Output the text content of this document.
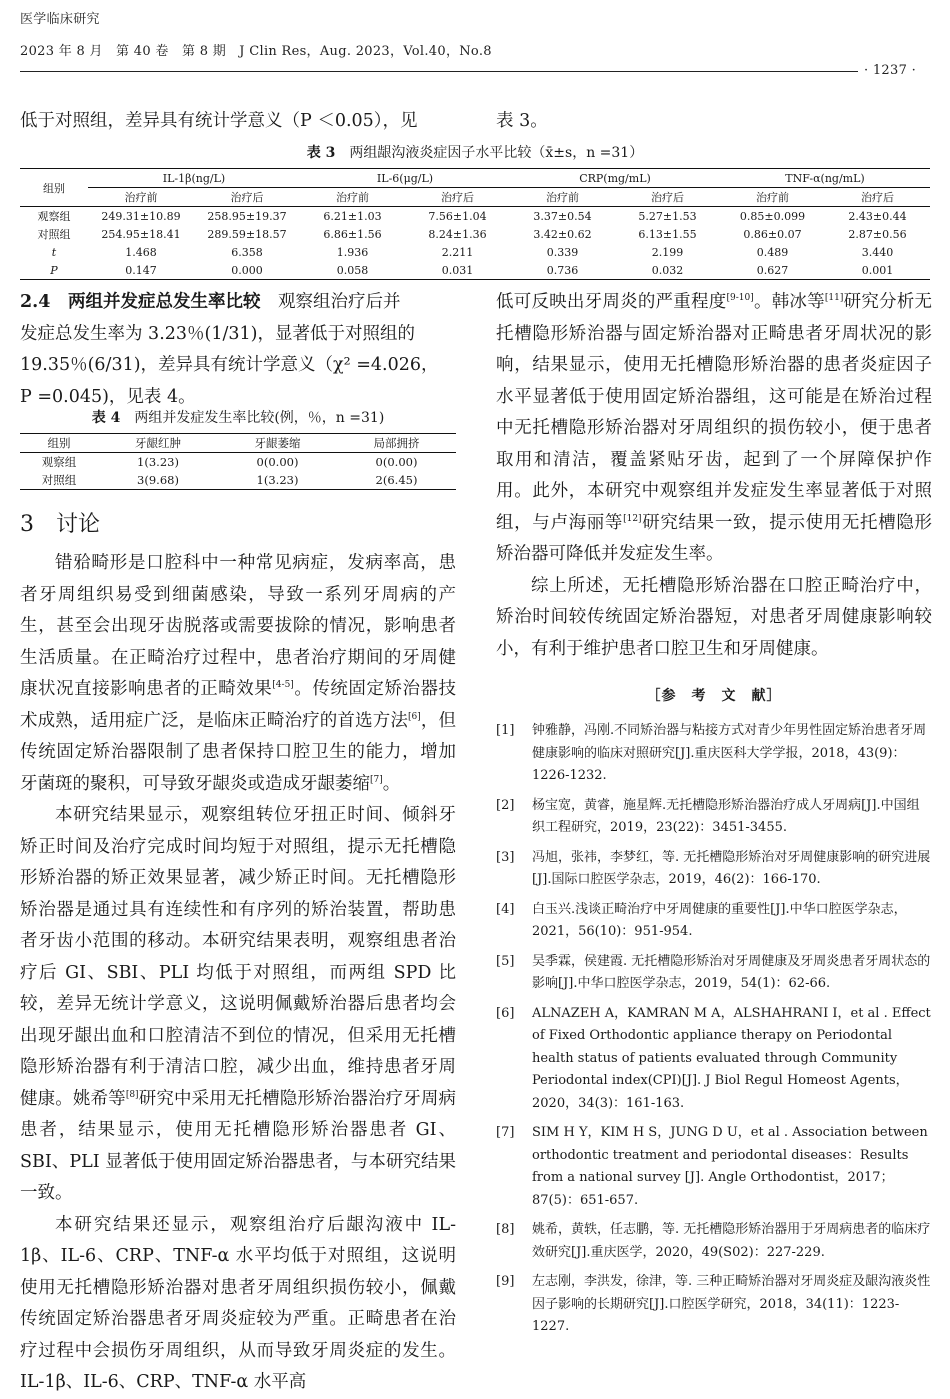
医学临床研究
2023 年 8 月　第 40 卷　第 8 期　J Clin Res，Aug. 2023，Vol.40，No.8
· 1237 ·
低于对照组，差异具有统计学意义（P ＜0.05），见	表 3。
表 3　 两组龈沟液炎症因子水平比较（x̄±s，n =31）
组别	IL-1β(ng/L)		IL-6(μg/L)		CRP(mg/mL)		TNF-α(ng/mL)	
	治疗前	治疗后	治疗前	治疗后	治疗前	治疗后	治疗前	治疗后
观察组	249.31±10.89	258.95±19.37	6.21±1.03	7.56±1.04	3.37±0.54	5.27±1.53	0.85±0.099	2.43±0.44
对照组	254.95±18.41	289.59±18.57	6.86±1.56	8.24±1.36	3.42±0.62	6.13±1.55	0.86±0.07	2.87±0.56
t	1.468	6.358	1.936	2.211	0.339	2.199	0.489	3.440
P	0.147	0.000	0.058	0.031	0.736	0.032	0.627	0.001

2.4　两组并发症总发生率比较　 观察组治疗后并

发症总发生率为 3.23％(1/31)，显著低于对照组的

19.35％(6/31)，差异具有统计学意义（χ² =4.026，

P =0.045)，见表 4。

表 4　 两组并发症发生率比较(例，％，n =31)
组别	牙龈红肿	牙龈萎缩	局部拥挤
观察组	1(3.23)	0(0.00)	0(0.00)
对照组	3(9.68)	1(3.23)	2(6.45)
3　讨论

错𬌗畸形是口腔科中一种常见病症，发病率高，患者牙周组织易受到细菌感染，导致一系列牙周病的产生，甚至会出现牙齿脱落或需要拔除的情况，影响患者生活质量。在正畸治疗过程中，患者治疗期间的牙周健康状况直接影响患者的正畸效果[4-5]。传统固定矫治器技术成熟，适用症广泛，是临床正畸治疗的首选方法[6]，但传统固定矫治器限制了患者保持口腔卫生的能力，增加牙菌斑的聚积，可导致牙龈炎或造成牙龈萎缩[7]。

本研究结果显示，观察组转位牙扭正时间、倾斜牙矫正时间及治疗完成时间均短于对照组，提示无托槽隐形矫治器的矫正效果显著，减少矫正时间。无托槽隐形矫治器是通过具有连续性和有序列的矫治装置，帮助患者牙齿小范围的移动。本研究结果表明，观察组患者治疗后 GI、SBI、PLI 均低于对照组，而两组 SPD 比较，差异无统计学意义，这说明佩戴矫治器后患者均会出现牙龈出血和口腔清洁不到位的情况，但采用无托槽隐形矫治器有利于清洁口腔，减少出血，维持患者牙周健康。姚希等[8]研究中采用无托槽隐形矫治器治疗牙周病患者，结果显示，使用无托槽隐形矫治器患者 GI、SBI、PLI 显著低于使用固定矫治器患者，与本研究结果一致。

本研究结果还显示，观察组治疗后龈沟液中 IL-1β、IL-6、CRP、TNF-α 水平均低于对照组，这说明使用无托槽隐形矫治器对患者牙周组织损伤较小，佩戴传统固定矫治器患者牙周炎症较为严重。正畸患者在治疗过程中会损伤牙周组织，从而导致牙周炎症的发生。IL-1β、IL-6、CRP、TNF-α 水平高

低可反映出牙周炎的严重程度[9-10]。韩冰等[11]研究分析无托槽隐形矫治器与固定矫治器对正畸患者牙周状况的影响，结果显示，使用无托槽隐形矫治器的患者炎症因子水平显著低于使用固定矫治器组，这可能是在矫治过程中无托槽隐形矫治器对牙周组织的损伤较小，便于患者取用和清洁，覆盖紧贴牙齿，起到了一个屏障保护作用。此外，本研究中观察组并发症发生率显著低于对照组，与卢海丽等[12]研究结果一致，提示使用无托槽隐形矫治器可降低并发症发生率。

综上所述，无托槽隐形矫治器在口腔正畸治疗中，矫治时间较传统固定矫治器短，对患者牙周健康影响较小，有利于维护患者口腔卫生和牙周健康。

［参　考　文　献］
[1] 钟雅静，冯刚.不同矫治器与粘接方式对青少年男性固定矫治患者牙周健康影响的临床对照研究[J].重庆医科大学学报，2018，43(9)：1226-1232.
[2] 杨宝宽，黄睿，施星辉.无托槽隐形矫治器治疗成人牙周病[J].中国组织工程研究，2019，23(22)：3451-3455.
[3] 冯旭，张祎，李梦红，等. 无托槽隐形矫治对牙周健康影响的研究进展[J].国际口腔医学杂志，2019，46(2)：166-170.
[4] 白玉兴.浅谈正畸治疗中牙周健康的重要性[J].中华口腔医学杂志，2021，56(10)：951-954.
[5] 吴季霖，侯建霞. 无托槽隐形矫治对牙周健康及牙周炎患者牙周状态的影响[J].中华口腔医学杂志，2019，54(1)：62-66.
[6] ALNAZEH A，KAMRAN M A，ALSHAHRANI I，et al . Effect of Fixed Orthodontic appliance therapy on Periodontal health status of patients evaluated through Community Periodontal index(CPI)[J]. J Biol Regul Homeost Agents，2020，34(3)：161-163.
[7] SIM H Y，KIM H S，JUNG D U，et al . Association between orthodontic treatment and periodontal diseases：Results from a national survey [J]. Angle Orthodontist，2017；87(5)：651-657.
[8] 姚希，黄轶，任志鹏，等. 无托槽隐形矫治器用于牙周病患者的临床疗效研究[J].重庆医学，2020，49(S02)：227-229.
[9] 左志刚，李洪发，徐津，等. 三种正畸矫治器对牙周炎症及龈沟液炎性因子影响的长期研究[J].口腔医学研究，2018，34(11)：1223-1227.
